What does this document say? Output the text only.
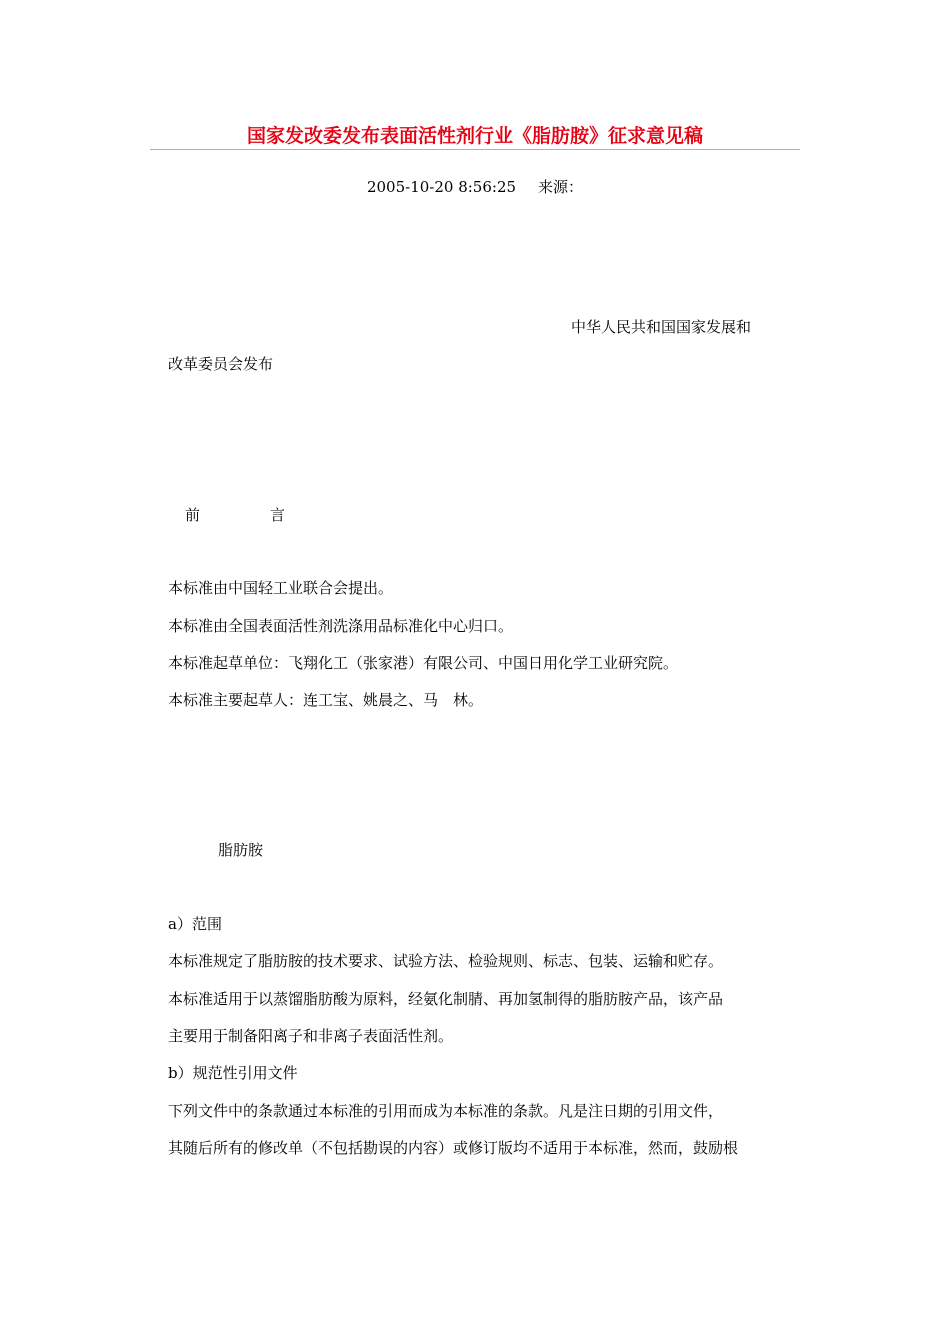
国家发改委发布表面活性剂行业《脂肪胺》征求意见稿
2005-10-20 8:56:25 来源：
中华人民共和国国家发展和
改革委员会发布
前	言
本标准由中国轻工业联合会提出。
本标准由全国表面活性剂洗涤用品标准化中心归口。
本标准起草单位：飞翔化工（张家港）有限公司、中国日用化学工业研究院。
本标准主要起草人：连工宝、姚晨之、马　林。
脂肪胺
a）范围
本标准规定了脂肪胺的技术要求、试验方法、检验规则、标志、包装、运输和贮存。
本标准适用于以蒸馏脂肪酸为原料，经氨化制腈、再加氢制得的脂肪胺产品，该产品
主要用于制备阳离子和非离子表面活性剂。
b）规范性引用文件
下列文件中的条款通过本标准的引用而成为本标准的条款。凡是注日期的引用文件，
其随后所有的修改单（不包括勘误的内容）或修订版均不适用于本标准，然而，鼓励根
